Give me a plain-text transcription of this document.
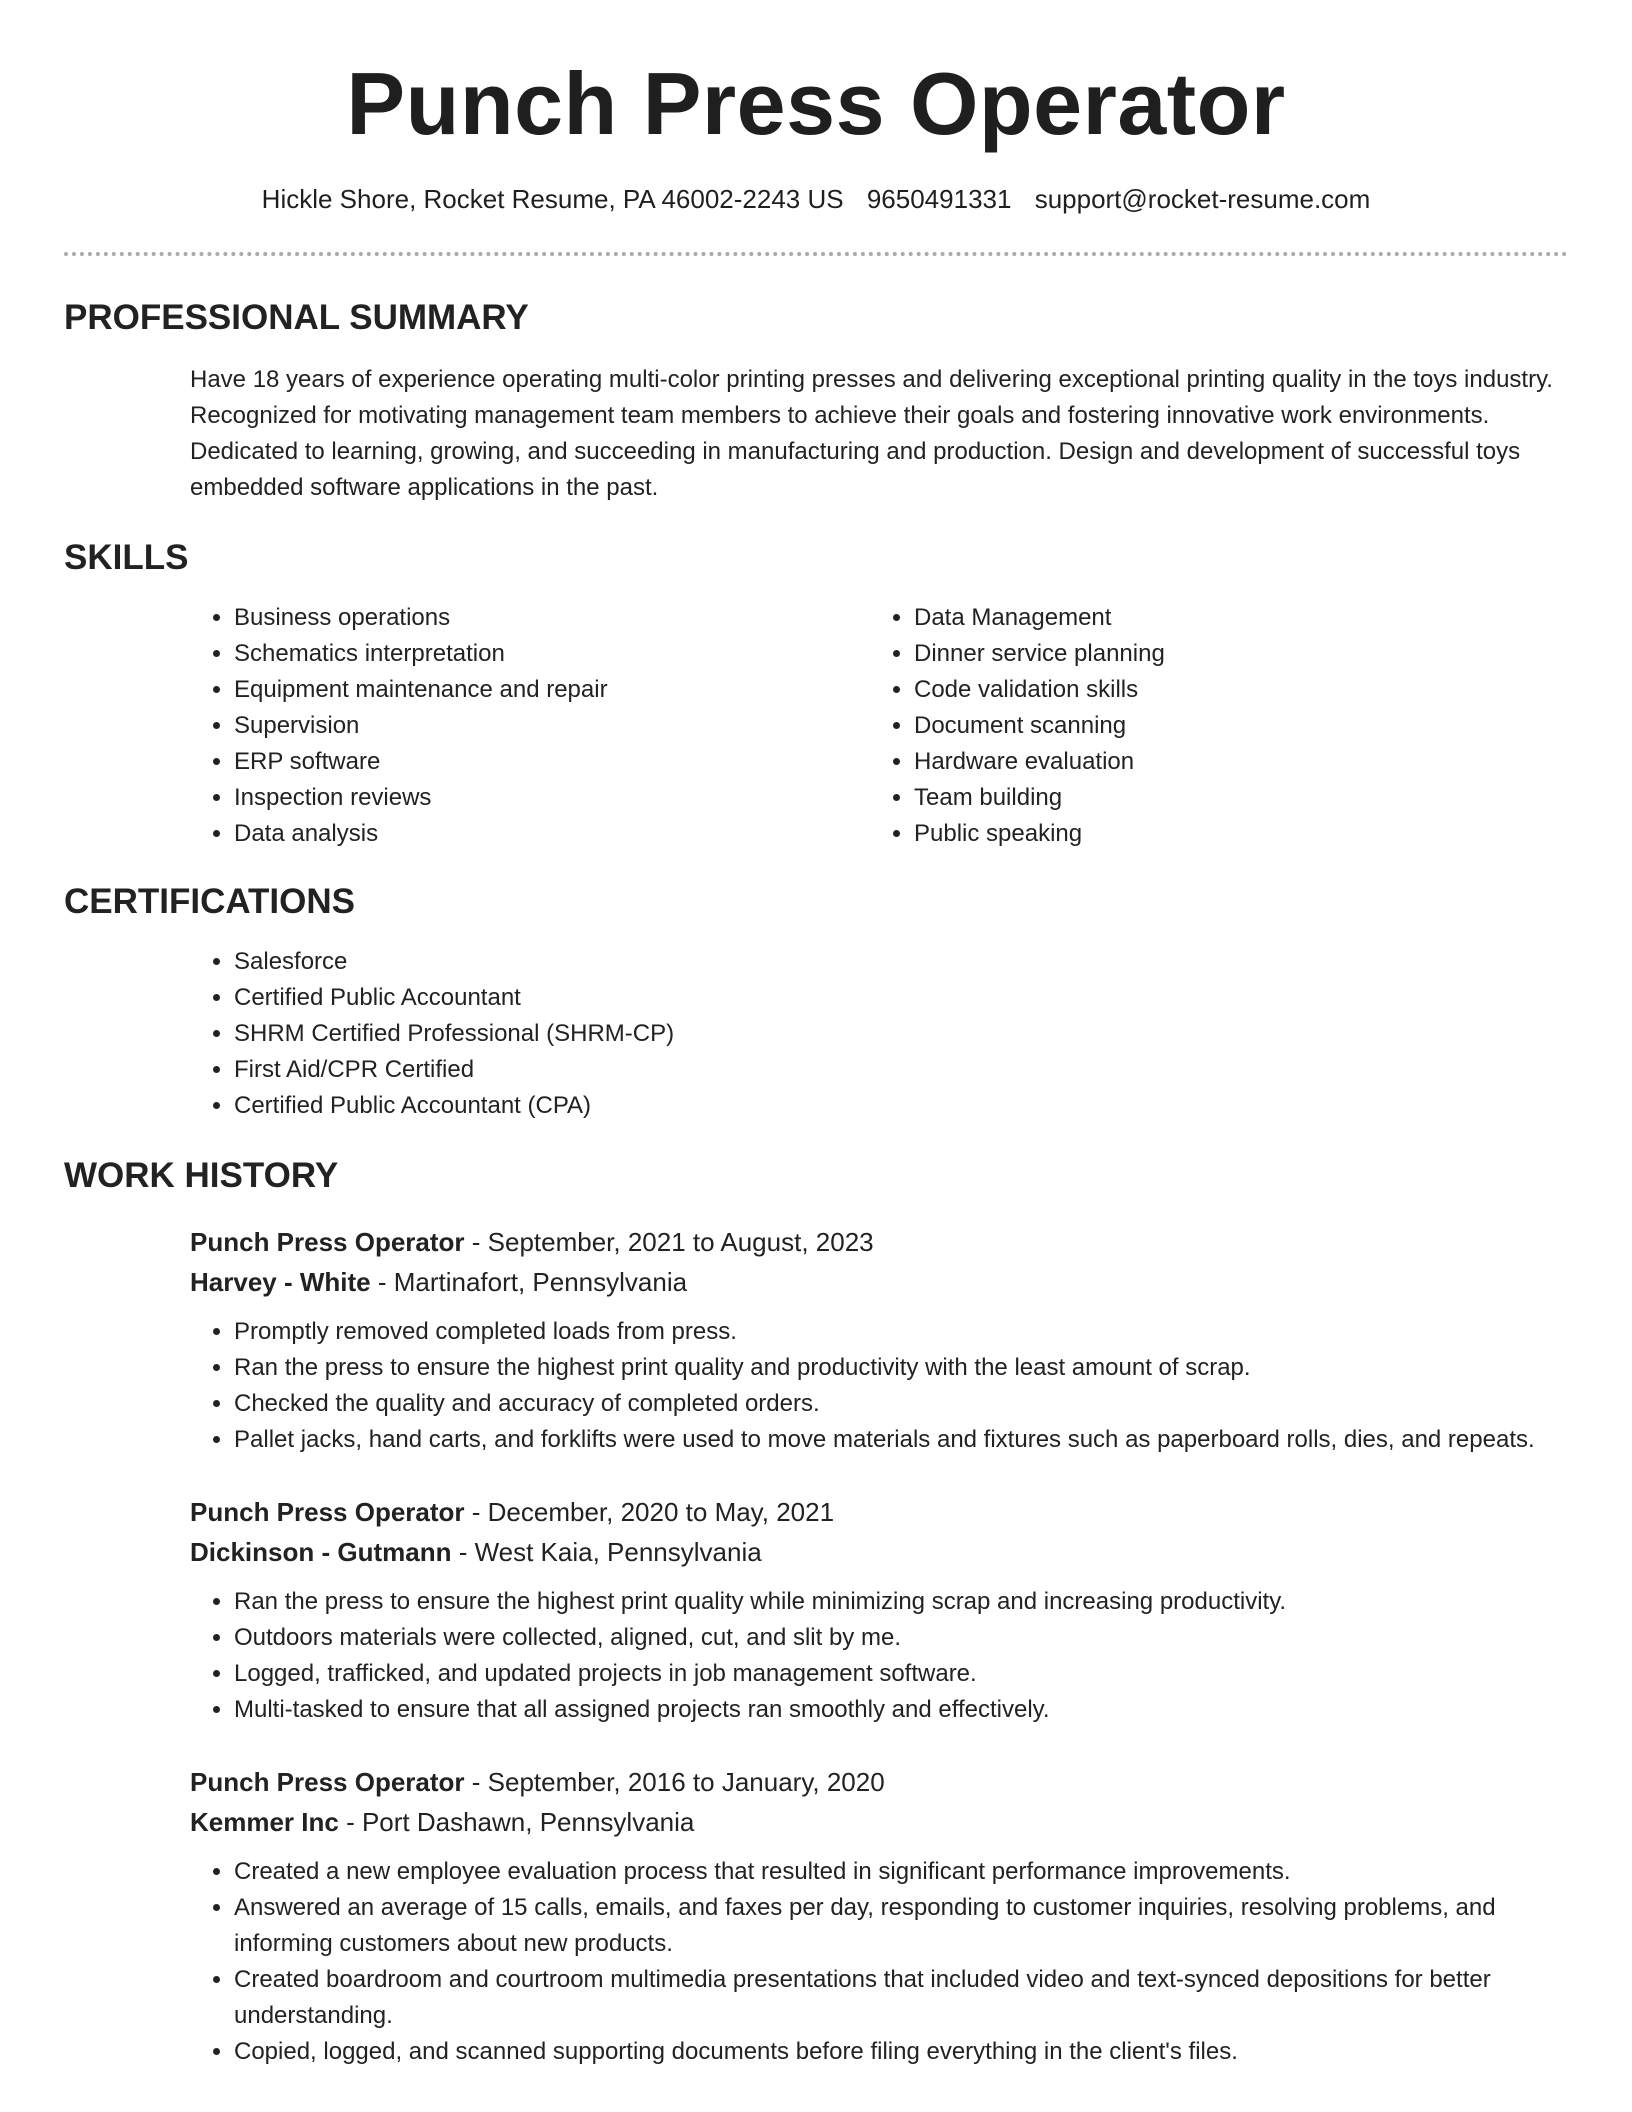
Punch Press Operator
Hickle Shore, Rocket Resume, PA 46002-2243 US 9650491331 support@rocket-resume.com
PROFESSIONAL SUMMARY

Have 18 years of experience operating multi-color printing presses and delivering exceptional printing quality in the toys industry. Recognized for motivating management team members to achieve their goals and fostering innovative work environments. Dedicated to learning, growing, and succeeding in manufacturing and production. Design and development of successful toys embedded software applications in the past.

SKILLS
• Business operations
• Schematics interpretation
• Equipment maintenance and repair
• Supervision
• ERP software
• Inspection reviews
• Data analysis
• Data Management
• Dinner service planning
• Code validation skills
• Document scanning
• Hardware evaluation
• Team building
• Public speaking
CERTIFICATIONS
• Salesforce
• Certified Public Accountant
• SHRM Certified Professional (SHRM-CP)
• First Aid/CPR Certified
• Certified Public Accountant (CPA)
WORK HISTORY
Punch Press Operator - September, 2021 to August, 2023
Harvey - White - Martinafort, Pennsylvania
• Promptly removed completed loads from press.
• Ran the press to ensure the highest print quality and productivity with the least amount of scrap.
• Checked the quality and accuracy of completed orders.
• Pallet jacks, hand carts, and forklifts were used to move materials and fixtures such as paperboard rolls, dies, and repeats.
Punch Press Operator - December, 2020 to May, 2021
Dickinson - Gutmann - West Kaia, Pennsylvania
• Ran the press to ensure the highest print quality while minimizing scrap and increasing productivity.
• Outdoors materials were collected, aligned, cut, and slit by me.
• Logged, trafficked, and updated projects in job management software.
• Multi-tasked to ensure that all assigned projects ran smoothly and effectively.
Punch Press Operator - September, 2016 to January, 2020
Kemmer Inc - Port Dashawn, Pennsylvania
• Created a new employee evaluation process that resulted in significant performance improvements.
• Answered an average of 15 calls, emails, and faxes per day, responding to customer inquiries, resolving problems, and informing customers about new products.
• Created boardroom and courtroom multimedia presentations that included video and text-synced depositions for better understanding.
• Copied, logged, and scanned supporting documents before filing everything in the client's files.
